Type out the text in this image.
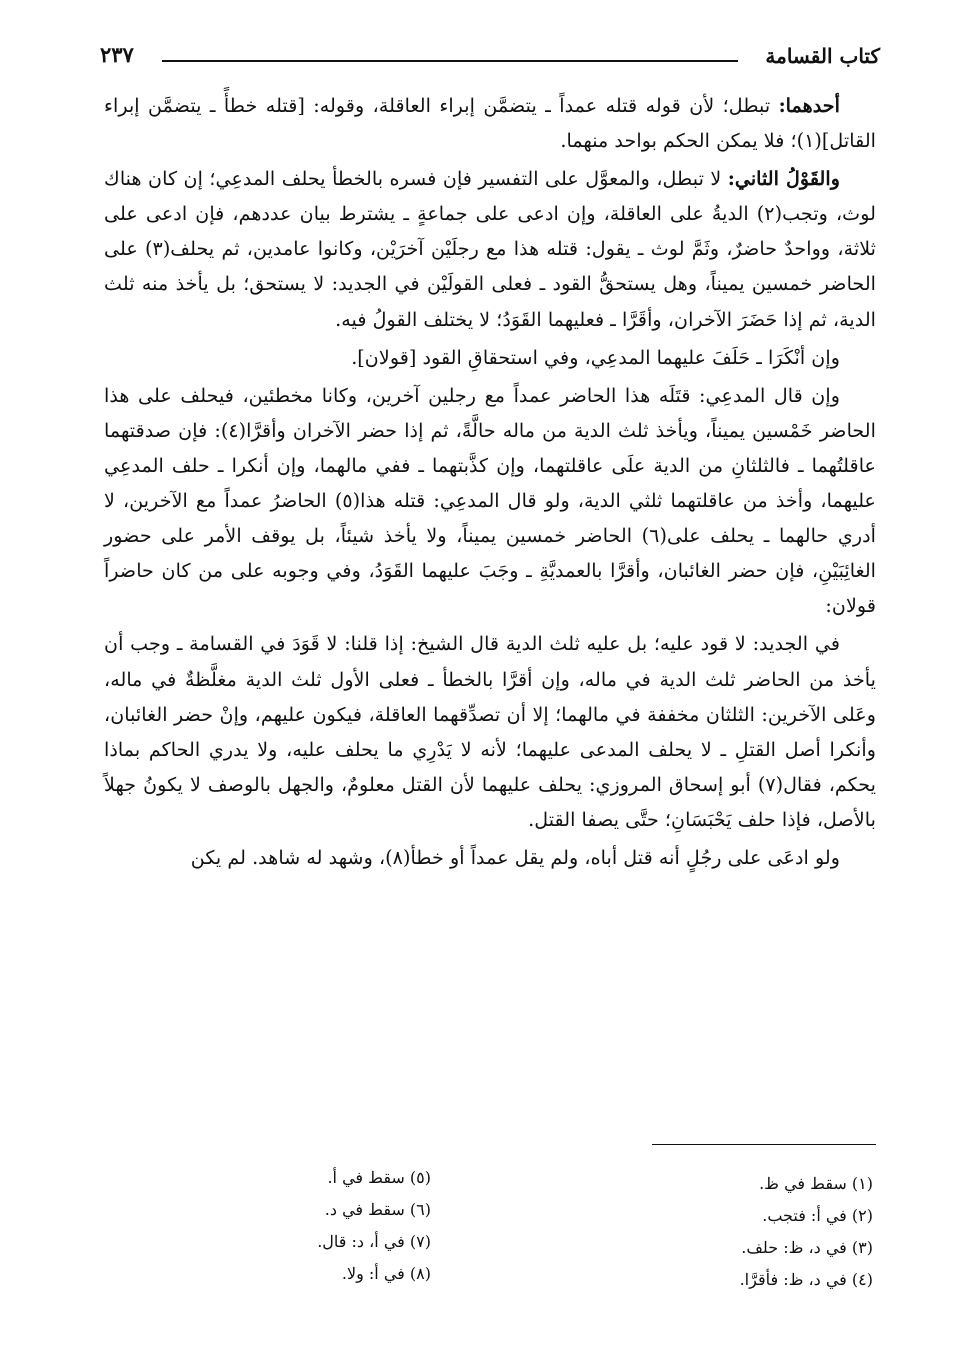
كتاب القسامة
٢٣٧

أحدهما: تبطل؛ لأن قوله قتله عمداً ـ يتضمَّن إبراء العاقلة، وقوله: [قتله خطأً ـ يتضمَّن إبراء القاتل](١)؛ فلا يمكن الحكم بواحد منهما.

والقَوْلُ الثاني: لا تبطل، والمعوَّل على التفسير فإن فسره بالخطأ يحلف المدعِي؛ إن كان هناك لوث، وتجب(٢) الديةُ على العاقلة، وإن ادعى على جماعةٍ ـ يشترط بيان عددهم، فإن ادعى على ثلاثة، وواحدٌ حاضرٌ، وثَمَّ لوث ـ يقول: قتله هذا مع رجلَيْن آخرَيْن، وكانوا عامدين، ثم يحلف(٣) على الحاضر خمسين يميناً، وهل يستحقُّ القود ـ فعلى القولَيْن في الجديد: لا يستحق؛ بل يأخذ منه ثلث الدية، ثم إذا حَضَرَ الآخران، وأقَرَّا ـ فعليهما القَوَدُ؛ لا يختلف القولُ فيه.

وإن أنْكَرَا ـ حَلَفَ عليهما المدعِي، وفي استحقاقِ القود [قولان].

وإن قال المدعِي: قتَلَه هذا الحاضر عمداً مع رجلين آخرين، وكانا مخطئين، فيحلف على هذا الحاضر خَمْسين يميناً، ويأخذ ثلث الدية من ماله حالَّةً، ثم إذا حضر الآخران وأقرَّا(٤): فإن صدقتهما عاقلتُهما ـ فالثلثانِ من الدية علَى عاقلتهما، وإن كذَّبتهما ـ ففي مالهما، وإن أنكرا ـ حلف المدعِي عليهما، وأخذ من عاقلتهما ثلثي الدية، ولو قال المدعِي: قتله هذا(٥) الحاضرُ عمداً مع الآخرين، لا أدري حالهما ـ يحلف على(٦) الحاضر خمسين يميناً، ولا يأخذ شيئاً، بل يوقف الأمر على حضور الغائِبَيْنِ، فإن حضر الغائبان، وأقرَّا بالعمديَّةِ ـ وجَبَ عليهما القَوَدُ، وفي وجوبه على من كان حاضراً قولان:

في الجديد: لا قود عليه؛ بل عليه ثلث الدية قال الشيخ: إذا قلنا: لا قَوَدَ في القسامة ـ وجب أن يأخذ من الحاضر ثلث الدية في ماله، وإن أقرَّا بالخطأ ـ فعلى الأول ثلث الدية مغلَّظةٌ في ماله، وعَلى الآخرين: الثلثان مخففة في مالهما؛ إلا أن تصدِّقهما العاقلة، فيكون عليهم، وإنْ حضر الغائبان، وأنكرا أصل القتلِ ـ لا يحلف المدعى عليهما؛ لأنه لا يَدْرِي ما يحلف عليه، ولا يدري الحاكم بماذا يحكم، فقال(٧) أبو إسحاق المروزي: يحلف عليهما لأن القتل معلومٌ، والجهل بالوصف لا يكونُ جهلاً بالأصل، فإذا حلف يَحْبَسَانِ؛ حتَّى يصفا القتل.

ولو ادعَى على رجُلٍ أنه قتل أباه، ولم يقل عمداً أو خطأ(٨)، وشهد له شاهد. لم يكن

(١) سقط في ظ.
(٢) في أ: فتجب.
(٣) في د، ظ: حلف.
(٤) في د، ظ: فأقرَّا.
(٥) سقط في أ.
(٦) سقط في د.
(٧) في أ، د: قال.
(٨) في أ: ولا.
